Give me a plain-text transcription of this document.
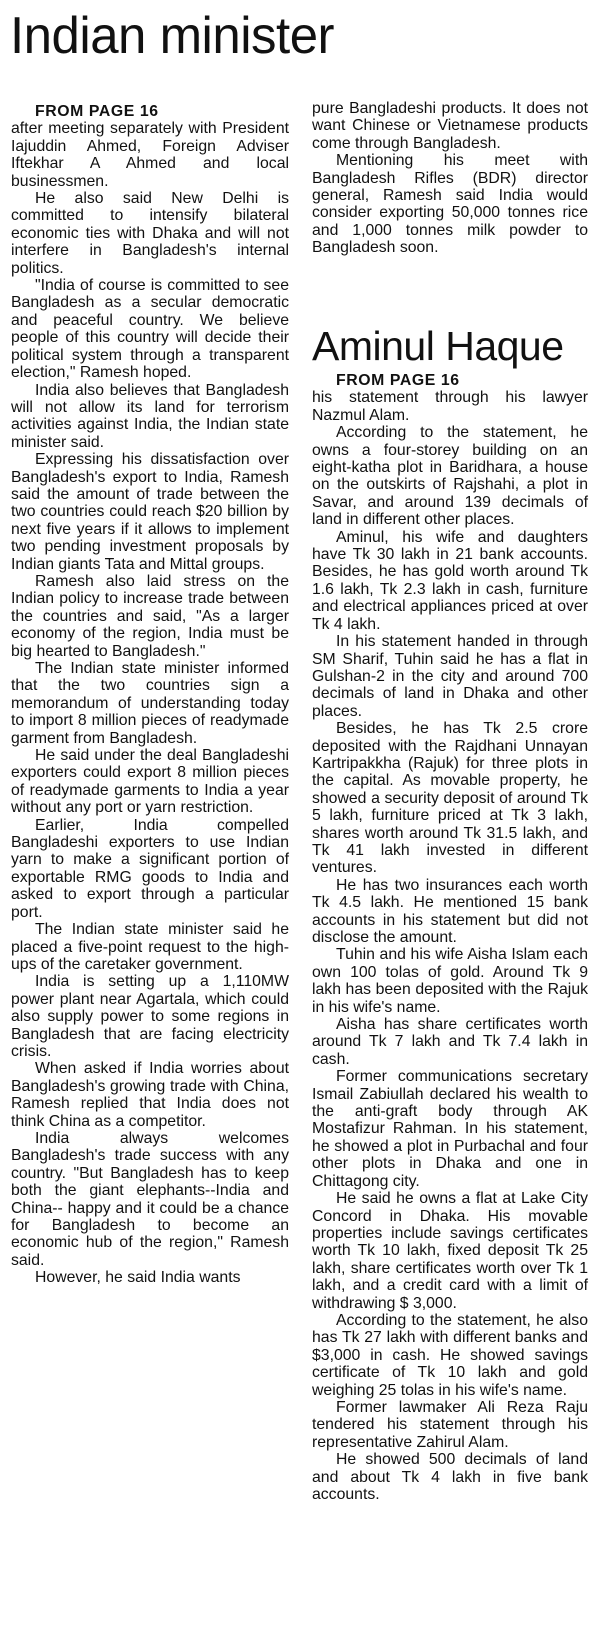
Indian minister

FROM PAGE 16

after meeting separately with President Iajuddin Ahmed, Foreign Adviser Iftekhar A Ahmed and local businessmen.

He also said New Delhi is committed to intensify bilateral economic ties with Dhaka and will not interfere in Bangladesh's internal politics.

"India of course is committed to see Bangladesh as a secular democratic and peaceful country. We believe people of this country will decide their political system through a transparent election," Ramesh hoped.

India also believes that Bangladesh will not allow its land for terrorism activities against India, the Indian state minister said.

Expressing his dissatisfaction over Bangladesh's export to India, Ramesh said the amount of trade between the two countries could reach $20 billion by next five years if it allows to implement two pending investment proposals by Indian giants Tata and Mittal groups.

Ramesh also laid stress on the Indian policy to increase trade between the countries and said, "As a larger economy of the region, India must be big hearted to Bangladesh."

The Indian state minister informed that the two countries sign a memorandum of understanding today to import 8 million pieces of readymade garment from Bangladesh.

He said under the deal Bangladeshi exporters could export 8 million pieces of readymade garments to India a year without any port or yarn restriction.

Earlier, India compelled Bangladeshi exporters to use Indian yarn to make a significant portion of exportable RMG goods to India and asked to export through a particular port.

The Indian state minister said he placed a five-point request to the high-ups of the caretaker government.

India is setting up a 1,110MW power plant near Agartala, which could also supply power to some regions in Bangladesh that are facing electricity crisis.

When asked if India worries about Bangladesh's growing trade with China, Ramesh replied that India does not think China as a competitor.

India always welcomes Bangladesh's trade success with any country. "But Bangladesh has to keep both the giant elephants--India and China-- happy and it could be a chance for Bangladesh to become an economic hub of the region," Ramesh said.

However, he said India wants

pure Bangladeshi products. It does not want Chinese or Vietnamese products come through Bangladesh.

Mentioning his meet with Bangladesh Rifles (BDR) director general, Ramesh said India would consider exporting 50,000 tonnes rice and 1,000 tonnes milk powder to Bangladesh soon.

Aminul Haque

FROM PAGE 16

his statement through his lawyer Nazmul Alam.

According to the statement, he owns a four-storey building on an eight-katha plot in Baridhara, a house on the outskirts of Rajshahi, a plot in Savar, and around 139 decimals of land in different other places.

Aminul, his wife and daughters have Tk 30 lakh in 21 bank accounts. Besides, he has gold worth around Tk 1.6 lakh, Tk 2.3 lakh in cash, furniture and electrical appliances priced at over Tk 4 lakh.

In his statement handed in through SM Sharif, Tuhin said he has a flat in Gulshan-2 in the city and around 700 decimals of land in Dhaka and other places.

Besides, he has Tk 2.5 crore deposited with the Rajdhani Unnayan Kartripakkha (Rajuk) for three plots in the capital. As movable property, he showed a security deposit of around Tk 5 lakh, furniture priced at Tk 3 lakh, shares worth around Tk 31.5 lakh, and Tk 41 lakh invested in different ventures.

He has two insurances each worth Tk 4.5 lakh. He mentioned 15 bank accounts in his statement but did not disclose the amount.

Tuhin and his wife Aisha Islam each own 100 tolas of gold. Around Tk 9 lakh has been deposited with the Rajuk in his wife's name.

Aisha has share certificates worth around Tk 7 lakh and Tk 7.4 lakh in cash.

Former communications secretary Ismail Zabiullah declared his wealth to the anti-graft body through AK Mostafizur Rahman. In his statement, he showed a plot in Purbachal and four other plots in Dhaka and one in Chittagong city.

He said he owns a flat at Lake City Concord in Dhaka. His movable properties include savings certificates worth Tk 10 lakh, fixed deposit Tk 25 lakh, share certificates worth over Tk 1 lakh, and a credit card with a limit of withdrawing $ 3,000.

According to the statement, he also has Tk 27 lakh with different banks and $3,000 in cash. He showed savings certificate of Tk 10 lakh and gold weighing 25 tolas in his wife's name.

Former lawmaker Ali Reza Raju tendered his statement through his representative Zahirul Alam.

He showed 500 decimals of land and about Tk 4 lakh in five bank accounts.
